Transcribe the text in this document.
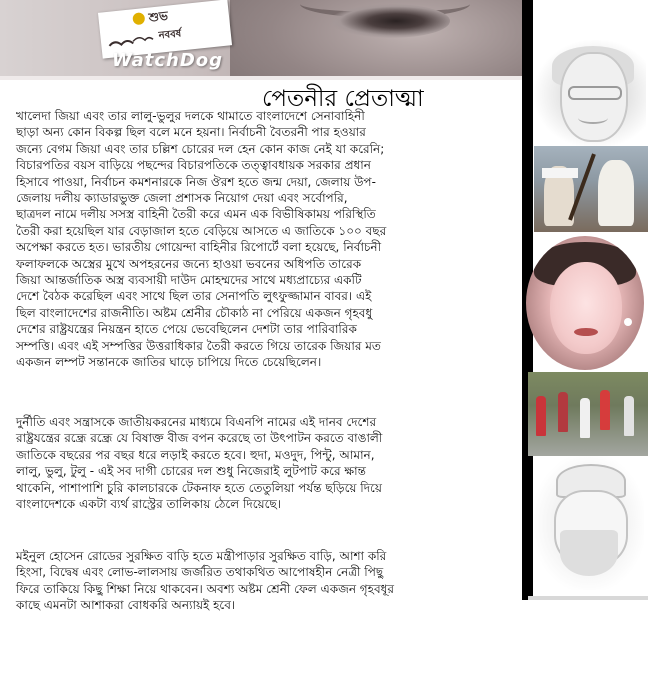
শুভ
নববর্ষ
WatchDog
পেতনীর প্রেতাত্মা

খালেদা জিয়া এবং তার লালু-ভুলুর দলকে থামাতে বাংলাদেশে সেনাবাহিনী
ছাড়া অন্য কোন বিকল্প ছিল বলে মনে হয়না। নির্বাচনী বৈতরনী পার হওয়ার
জন্যে বেগম জিয়া এবং তার চল্লিশ চোরের দল হেন কোন কাজ নেই যা করেনি;
বিচারপতির বয়স বাড়িয়ে পছন্দের বিচারপতিকে তত্ত্বাবধায়ক সরকার প্রধান
হিসাবে পাওয়া, নির্বাচন কমশনারকে নিজ ঔরশ হতে জন্ম দেয়া, জেলায় উপ-
জেলায় দলীয় ক্যাডারভুক্ত জেলা প্রশাসক নিয়োগ দেয়া এবং সর্বোপরি,
ছাত্রদল নামে দলীয় সসস্ত্র বাহিনী তৈরী করে এমন এক বিভীষিকাময় পরিস্থিতি
তৈরী করা হয়েছিল যার বেড়াজাল হতে বেড়িয়ে আসতে এ জাতিকে ১০০ বছর
অপেক্ষা করতে হত। ভারতীয় গোয়েন্দা বাহিনীর রিপোর্টে বলা হয়েছে, নির্বাচনী
ফলাফলকে অস্ত্রের মুখে অপহরনের জন্যে হাওয়া ভবনের অধিপতি তারেক
জিয়া আন্তর্জাতিক অস্ত্র ব্যবসায়ী দাউদ মোহম্মদের সাথে মধ্যপ্রাচ্যের একটি
দেশে বৈঠক করেছিল এবং সাথে ছিল তার সেনাপতি লুৎফুজ্জামান বাবর। এই
ছিল বাংলাদেশের রাজনীতি। অষ্টম শ্রেনীর চৌকাঠ না পেরিয়ে একজন গৃহবধু
দেশের রাষ্ট্রযন্ত্রের নিয়ন্ত্রন হাতে পেয়ে ভেবেছিলেন দেশটা তার পারিবারিক
সম্পত্তি। এবং এই সম্পত্তির উত্তরাধিকার তৈরী করতে গিয়ে তারেক জিয়ার মত
একজন লম্পট সন্তানকে জাতির ঘাড়ে চাপিয়ে দিতে চেয়েছিলেন।

দুর্নীতি এবং সন্ত্রাসকে জাতীয়করনের মাধ্যমে বিএনপি নামের এই দানব দেশের
রাষ্ট্রযন্ত্রের রন্ধ্রে রন্ধ্রে যে বিষাক্ত বীজ বপন করেছে তা উৎপাটন করতে বাঙালী
জাতিকে বছরের পর বছর ধরে লড়াই করতে হবে। হুদা, মওদুদ, পিন্টু, আমান,
লালু, ভুলু, টুলু - এই সব দাগী চোরের দল শুধু নিজেরাই লুটপাট করে ক্ষান্ত
থাকেনি, পাশাপাশি চুরি কালচারকে টেকনাফ হতে তেতুলিয়া পর্যন্ত ছড়িয়ে দিয়ে
বাংলাদেশকে একটা ব্যর্থ রাস্ট্রের তালিকায় ঠেলে দিয়েছে।

মইনুল হোসেন রোডের সুরক্ষিত বাড়ি হতে মন্ত্রীপাড়ার সুরক্ষিত বাড়ি, আশা করি
হিংসা, বিদ্বেষ এবং লোভ-লালসায় জর্জরিত তথাকথিত আপোষহীন নেত্রী পিছু
ফিরে তাকিয়ে কিছু শিক্ষা নিয়ে থাকবেন। অবশ্য অষ্টম শ্রেনী ফেল একজন গৃহবধূর
কাছে এমনটা আশাকরা বোধকরি অন্যায়ই হবে।
